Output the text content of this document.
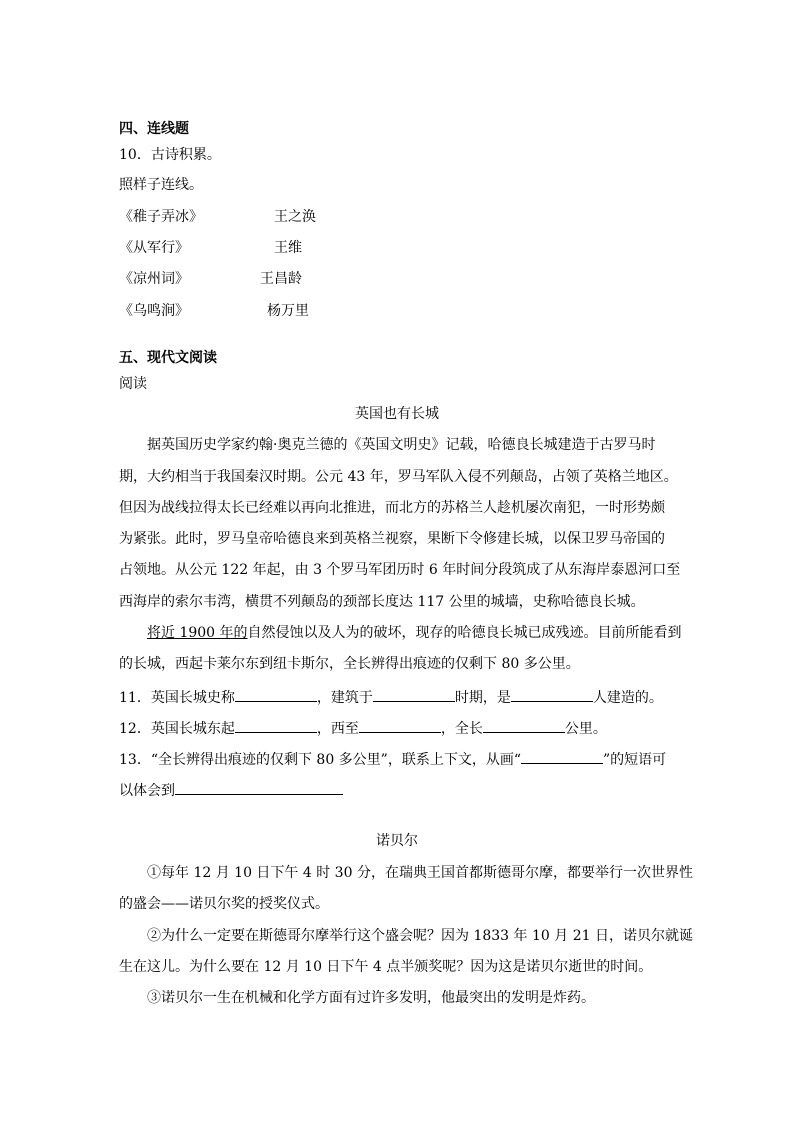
四、连线题
10．古诗积累。
照样子连线。
《稚子弄冰》	王之涣
《从军行》	王维
《凉州词》	王昌龄
《乌鸣涧》	杨万里
五、现代文阅读
阅读
英国也有长城
据英国历史学家约翰·奥克兰德的《英国文明史》记载，哈德良长城建造于古罗马时
期，大约相当于我国秦汉时期。公元 43 年，罗马军队入侵不列颠岛，占领了英格兰地区。
但因为战线拉得太长已经难以再向北推进，而北方的苏格兰人趁机屡次南犯，一时形势颇
为紧张。此时，罗马皇帝哈德良来到英格兰视察，果断下令修建长城，以保卫罗马帝国的
占领地。从公元 122 年起，由 3 个罗马军团历时 6 年时间分段筑成了从东海岸泰恩河口至
西海岸的索尔韦湾，横贯不列颠岛的颈部长度达 117 公里的城墙，史称哈德良长城。
将近 1900 年的自然侵蚀以及人为的破坏，现存的哈德良长城已成残迹。目前所能看到
的长城，西起卡莱尔东到纽卡斯尔，全长辨得出痕迹的仅剩下 80 多公里。
11．英国长城史称	，建筑于	时期，是	人建造的。
12．英国长城东起	，西至	，全长	公里。
13．“全长辨得出痕迹的仅剩下 80 多公里”，联系上下文，从画“	”的短语可
以体会到
诺贝尔
①每年 12 月 10 日下午 4 时 30 分，在瑞典王国首都斯德哥尔摩，都要举行一次世界性
的盛会——诺贝尔奖的授奖仪式。
②为什么一定要在斯德哥尔摩举行这个盛会呢？因为 1833 年 10 月 21 日，诺贝尔就诞
生在这儿。为什么要在 12 月 10 日下午 4 点半颁奖呢？因为这是诺贝尔逝世的时间。
③诺贝尔一生在机械和化学方面有过许多发明，他最突出的发明是炸药。
